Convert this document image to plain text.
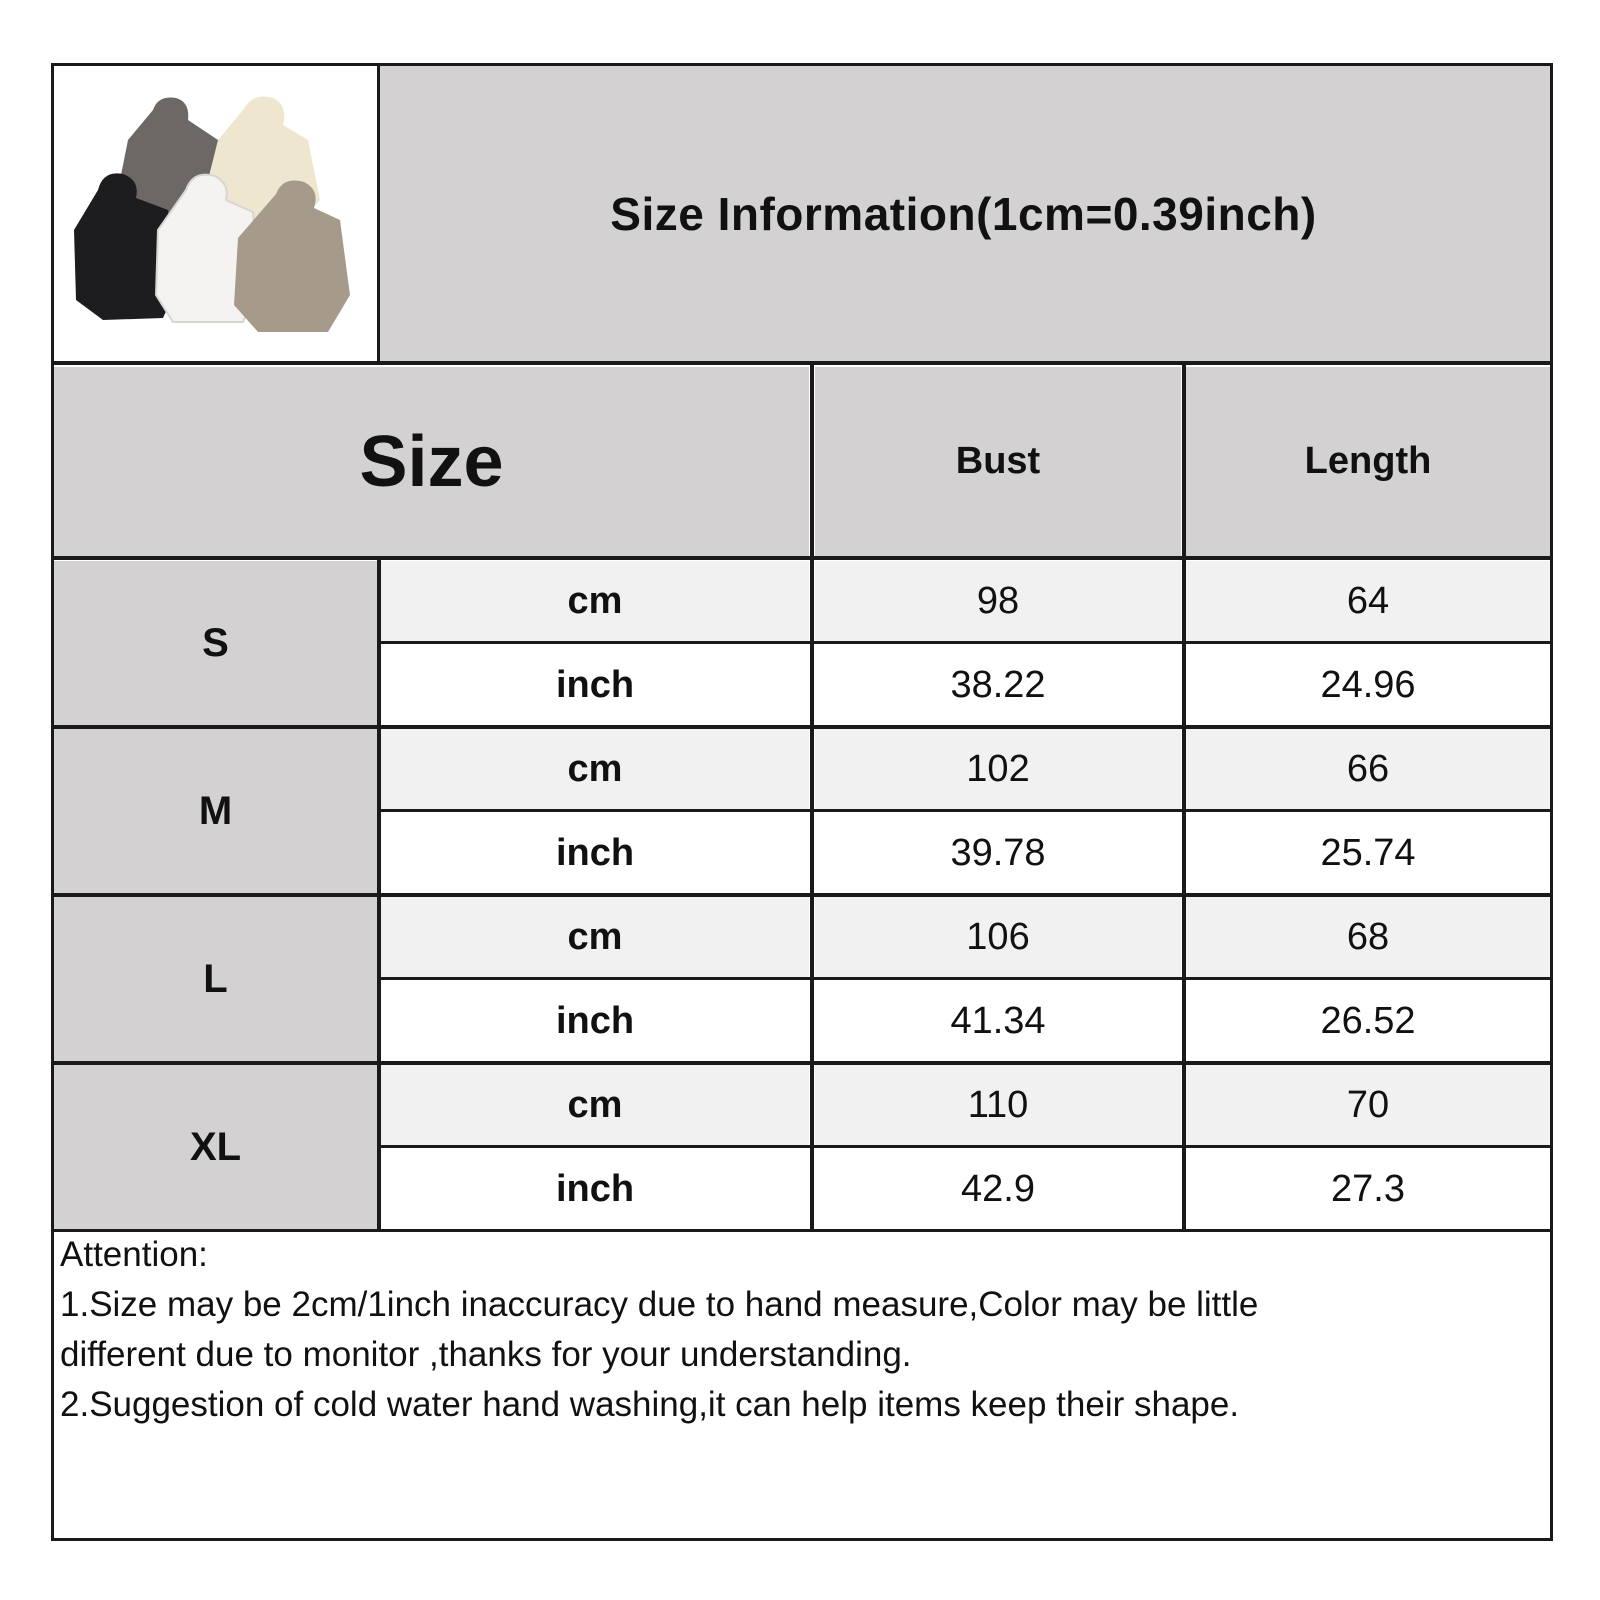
Size Information(1cm=0.39inch)
Size	Bust	Length
S
cm	98	64
inch	38.22	24.96
M
cm	102	66
inch	39.78	25.74
L
cm	106	68
inch	41.34	26.52
XL
cm	110	70
inch	42.9	27.3
Attention:
1.Size may be 2cm/1inch inaccuracy due to hand measure,Color may be little
different due to monitor ,thanks for your understanding.
2.Suggestion of cold water hand washing,it can help items keep their shape.
